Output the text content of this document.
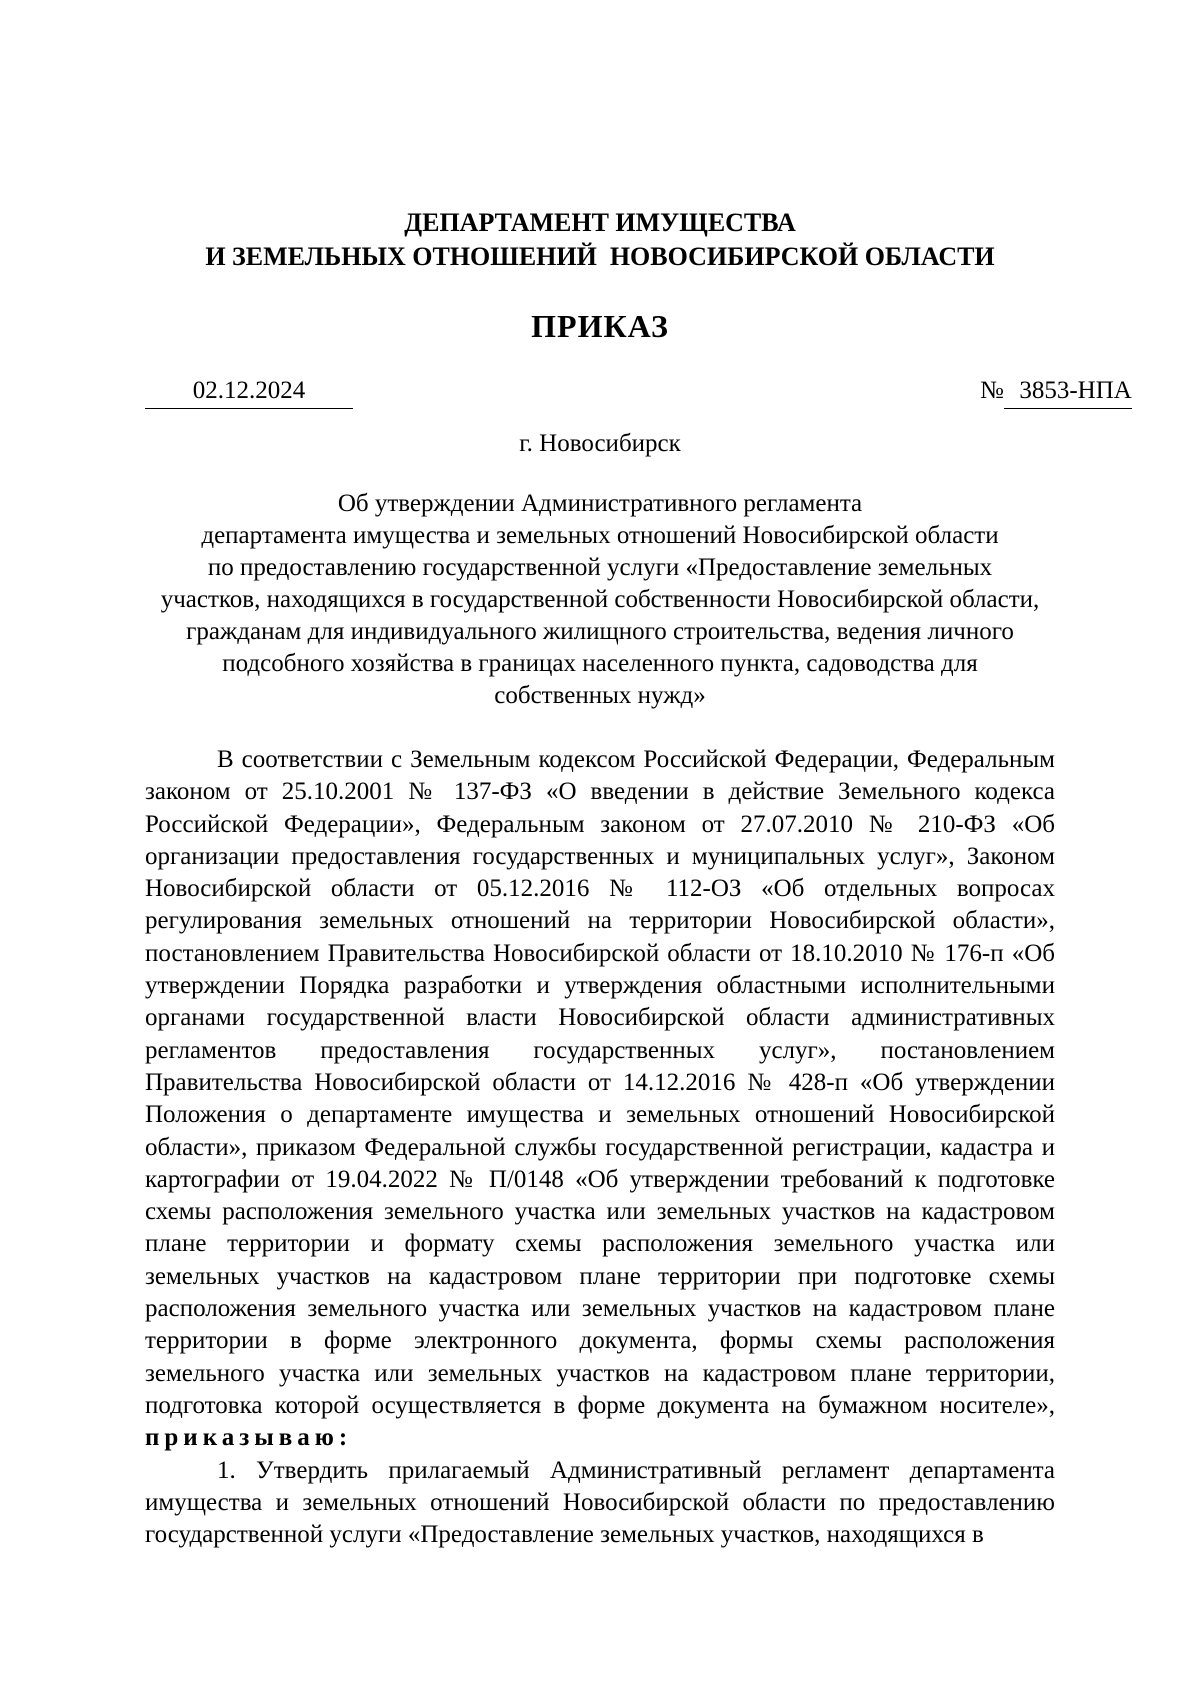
ДЕПАРТАМЕНТ ИМУЩЕСТВА
И ЗЕМЕЛЬНЫХ ОТНОШЕНИЙ  НОВОСИБИРСКОЙ ОБЛАСТИ
ПРИКАЗ
02.12.2024	№ 3853-НПА
г. Новосибирск
Об утверждении Административного регламента
департамента имущества и земельных отношений Новосибирской области
по предоставлению государственной услуги «Предоставление земельных
участков, находящихся в государственной собственности Новосибирской области,
гражданам для индивидуального жилищного строительства, ведения личного
подсобного хозяйства в границах населенного пункта, садоводства для
собственных нужд»

В соответствии с Земельным кодексом Российской Федерации, Федеральным законом от 25.10.2001 № 137-ФЗ «О введении в действие Земельного кодекса Российской Федерации», Федеральным законом от 27.07.2010 № 210-ФЗ «Об организации предоставления государственных и муниципальных услуг», Законом Новосибирской области от 05.12.2016 № 112-ОЗ «Об отдельных вопросах регулирования земельных отношений на территории Новосибирской области», постановлением Правительства Новосибирской области от 18.10.2010 № 176-п «Об утверждении Порядка разработки и утверждения областными исполнительными органами государственной власти Новосибирской области административных регламентов предоставления государственных услуг», постановлением Правительства Новосибирской области от 14.12.2016 № 428-п «Об утверждении Положения о департаменте имущества и земельных отношений Новосибирской области», приказом Федеральной службы государственной регистрации, кадастра и картографии от 19.04.2022 № П/0148 «Об утверждении требований к подготовке схемы расположения земельного участка или земельных участков на кадастровом плане территории и формату схемы расположения земельного участка или земельных участков на кадастровом плане территории при подготовке схемы расположения земельного участка или земельных участков на кадастровом плане территории в форме электронного документа, формы схемы расположения земельного участка или земельных участков на кадастровом плане территории, подготовка которой осуществляется в форме документа на бумажном носителе», приказываю:

1. Утвердить прилагаемый Административный регламент департамента имущества и земельных отношений Новосибирской области по предоставлению государственной услуги «Предоставление земельных участков, находящихся в
